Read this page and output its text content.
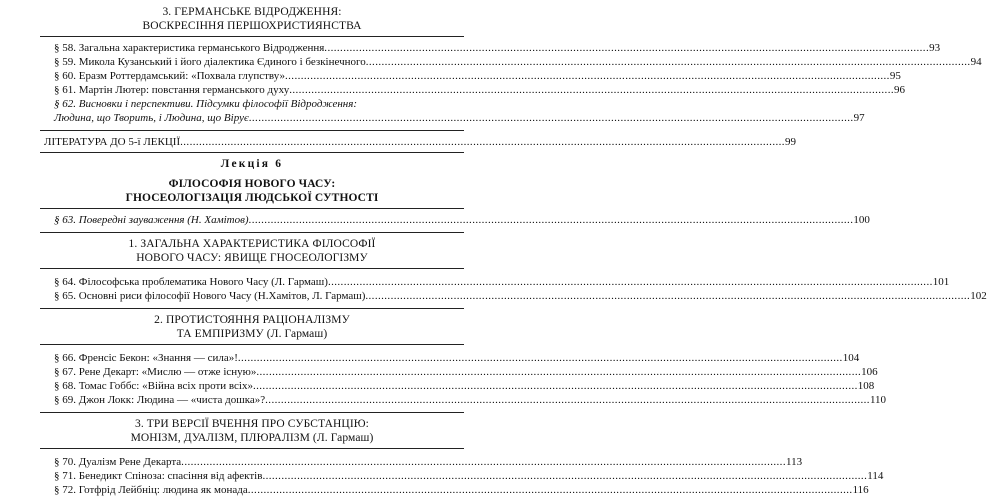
3. ГЕРМАНСЬКЕ ВІДРОДЖЕННЯ:
ВОСКРЕСІННЯ ПЕРШОХРИСТИЯНСТВА
§ 58. Загальна характеристика германського Відродження .....	93
§ 59. Микола Кузанський і його діалектика Єдиного і безкінечного .....	94
§ 60. Еразм Роттердамський: «Похвала глупству» .....	95
§ 61. Мартін Лютер: повстання германського духу .....	96
§ 62. Висновки і перспективи. Підсумки філософії Відродження:
Людина, що Творить, і Людина, що Вірує .....	97
ЛІТЕРАТУРА ДО 5-ї ЛЕКЦІЇ .....	99
Лекція 6
ФІЛОСОФІЯ НОВОГО ЧАСУ:
ГНОСЕОЛОГІЗАЦІЯ ЛЮДСЬКОЇ СУТНОСТІ
§ 63. Повередні зауваження (Н. Хамітов) .....	100
1. ЗАГАЛЬНА ХАРАКТЕРИСТИКА ФІЛОСОФІЇ
НОВОГО ЧАСУ: ЯВИЩЕ ГНОСЕОЛОГІЗМУ
§ 64. Філософська проблематика Нового Часу (Л. Гармаш) .....	101
§ 65. Основні риси філософії Нового Часу (Н.Хамітов, Л. Гармаш) .....	102
2. ПРОТИСТОЯННЯ РАЦІОНАЛІЗМУ
ТА ЕМПІРИЗМУ (Л. Гармаш)
§ 66. Френсіс Бекон: «Знання — сила»! .....	104
§ 67. Рене Декарт: «Мислю — отже існую» .....	106
§ 68. Томас Гоббс: «Війна всіх проти всіх» .....	108
§ 69. Джон Локк: Людина — «чиста дошка»? .....	110
3. ТРИ ВЕРСІЇ ВЧЕННЯ ПРО СУБСТАНЦІЮ:
МОНІЗМ, ДУАЛІЗМ, ПЛЮРАЛІЗМ (Л. Гармаш)
§ 70. Дуалізм Рене Декарта .....	113
§ 71. Бенедикт Спіноза: спасіння від афектів .....	114
§ 72. Готфрід Лейбніц: людина як монада .....	116
